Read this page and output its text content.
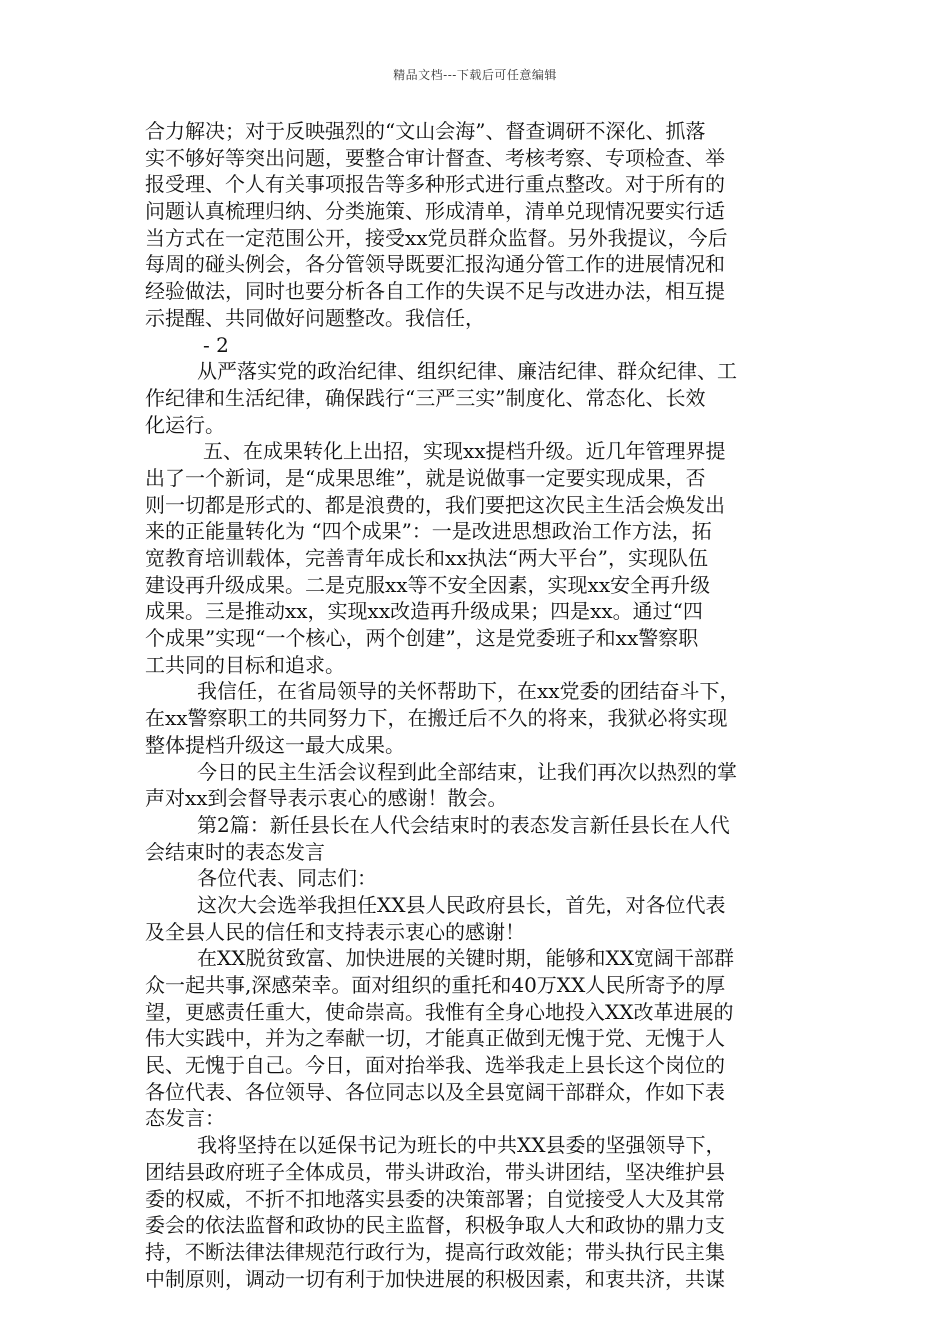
精品文档---下载后可任意编辑
合力解决；对于反映强烈的“文山会海”、督查调研不深化、抓落
实不够好等突出问题，要整合审计督查、考核考察、专项检查、举
报受理、个人有关事项报告等多种形式进行重点整改。对于所有的
问题认真梳理归纳、分类施策、形成清单，清单兑现情况要实行适
当方式在一定范围公开，接受xx党员群众监督。另外我提议，今后
每周的碰头例会，各分管领导既要汇报沟通分管工作的进展情况和
经验做法，同时也要分析各自工作的失误不足与改进办法，相互提
示提醒、共同做好问题整改。我信任，
- 2
从严落实党的政治纪律、组织纪律、廉洁纪律、群众纪律、工
作纪律和生活纪律，确保践行“三严三实”制度化、常态化、长效
化运行。
五、在成果转化上出招，实现xx提档升级。近几年管理界提
出了一个新词，是“成果思维”，就是说做事一定要实现成果，否
则一切都是形式的、都是浪费的，我们要把这次民主生活会焕发出
来的正能量转化为 “四个成果”：一是改进思想政治工作方法，拓
宽教育培训载体，完善青年成长和xx执法“两大平台”，实现队伍
建设再升级成果。二是克服xx等不安全因素，实现xx安全再升级
成果。三是推动xx，实现xx改造再升级成果；四是xx。通过“四
个成果”实现“一个核心，两个创建”，这是党委班子和xx警察职
工共同的目标和追求。
我信任，在省局领导的关怀帮助下，在xx党委的团结奋斗下，
在xx警察职工的共同努力下，在搬迁后不久的将来，我狱必将实现
整体提档升级这一最大成果。
今日的民主生活会议程到此全部结束，让我们再次以热烈的掌
声对xx到会督导表示衷心的感谢！散会。
第2篇：新任县长在人代会结束时的表态发言新任县长在人代
会结束时的表态发言
各位代表、同志们：
这次大会选举我担任XX县人民政府县长，首先，对各位代表
及全县人民的信任和支持表示衷心的感谢！
在XX脱贫致富、加快进展的关键时期，能够和XX宽阔干部群
众一起共事,深感荣幸。面对组织的重托和40万XX人民所寄予的厚
望，更感责任重大，使命崇高。我惟有全身心地投入XX改革进展的
伟大实践中，并为之奉献一切，才能真正做到无愧于党、无愧于人
民、无愧于自己。今日，面对抬举我、选举我走上县长这个岗位的
各位代表、各位领导、各位同志以及全县宽阔干部群众，作如下表
态发言：
我将坚持在以延保书记为班长的中共XX县委的坚强领导下，
团结县政府班子全体成员，带头讲政治，带头讲团结，坚决维护县
委的权威，不折不扣地落实县委的决策部署；自觉接受人大及其常
委会的依法监督和政协的民主监督，积极争取人大和政协的鼎力支
持，不断法律法律规范行政行为，提高行政效能；带头执行民主集
中制原则，调动一切有利于加快进展的积极因素，和衷共济，共谋
